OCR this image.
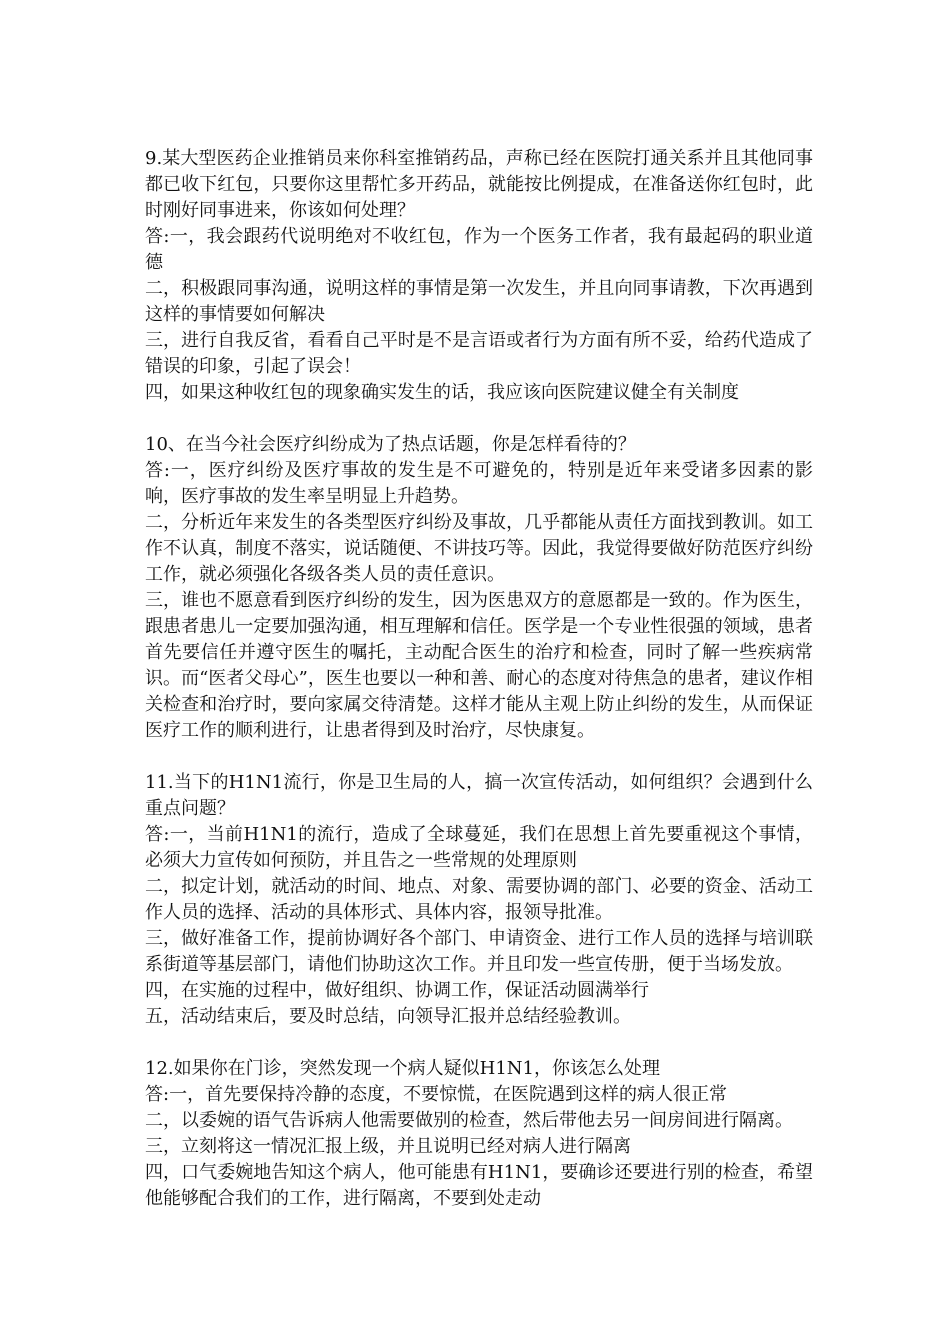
9.某大型医药企业推销员来你科室推销药品，声称已经在医院打通关系并且其他同事都已收下红包，只要你这里帮忙多开药品，就能按比例提成，在准备送你红包时，此时刚好同事进来，你该如何处理？

答:一，我会跟药代说明绝对不收红包，作为一个医务工作者，我有最起码的职业道德

二，积极跟同事沟通，说明这样的事情是第一次发生，并且向同事请教，下次再遇到这样的事情要如何解决

三，进行自我反省，看看自己平时是不是言语或者行为方面有所不妥，给药代造成了错误的印象，引起了误会！

四，如果这种收红包的现象确实发生的话，我应该向医院建议健全有关制度

10、在当今社会医疗纠纷成为了热点话题，你是怎样看待的？

答:一，医疗纠纷及医疗事故的发生是不可避免的，特别是近年来受诸多因素的影响，医疗事故的发生率呈明显上升趋势。

二，分析近年来发生的各类型医疗纠纷及事故，几乎都能从责任方面找到教训。如工作不认真，制度不落实，说话随便、不讲技巧等。因此，我觉得要做好防范医疗纠纷工作，就必须强化各级各类人员的责任意识。

三，谁也不愿意看到医疗纠纷的发生，因为医患双方的意愿都是一致的。作为医生，跟患者患儿一定要加强沟通，相互理解和信任。医学是一个专业性很强的领域，患者首先要信任并遵守医生的嘱托，主动配合医生的治疗和检查，同时了解一些疾病常识。而“医者父母心”，医生也要以一种和善、耐心的态度对待焦急的患者，建议作相关检查和治疗时，要向家属交待清楚。这样才能从主观上防止纠纷的发生，从而保证医疗工作的顺利进行，让患者得到及时治疗，尽快康复。

11.当下的H1N1流行，你是卫生局的人，搞一次宣传活动，如何组织？会遇到什么重点问题？

答:一，当前H1N1的流行，造成了全球蔓延，我们在思想上首先要重视这个事情，必须大力宣传如何预防，并且告之一些常规的处理原则

二，拟定计划，就活动的时间、地点、对象、需要协调的部门、必要的资金、活动工作人员的选择、活动的具体形式、具体内容，报领导批准。

三，做好准备工作，提前协调好各个部门、申请资金、进行工作人员的选择与培训联系街道等基层部门，请他们协助这次工作。并且印发一些宣传册，便于当场发放。

四，在实施的过程中，做好组织、协调工作，保证活动圆满举行

五，活动结束后，要及时总结，向领导汇报并总结经验教训。

12.如果你在门诊，突然发现一个病人疑似H1N1，你该怎么处理

答:一，首先要保持冷静的态度，不要惊慌，在医院遇到这样的病人很正常

二，以委婉的语气告诉病人他需要做别的检查，然后带他去另一间房间进行隔离。

三，立刻将这一情况汇报上级，并且说明已经对病人进行隔离

四，口气委婉地告知这个病人，他可能患有H1N1，要确诊还要进行别的检查，希望他能够配合我们的工作，进行隔离，不要到处走动
